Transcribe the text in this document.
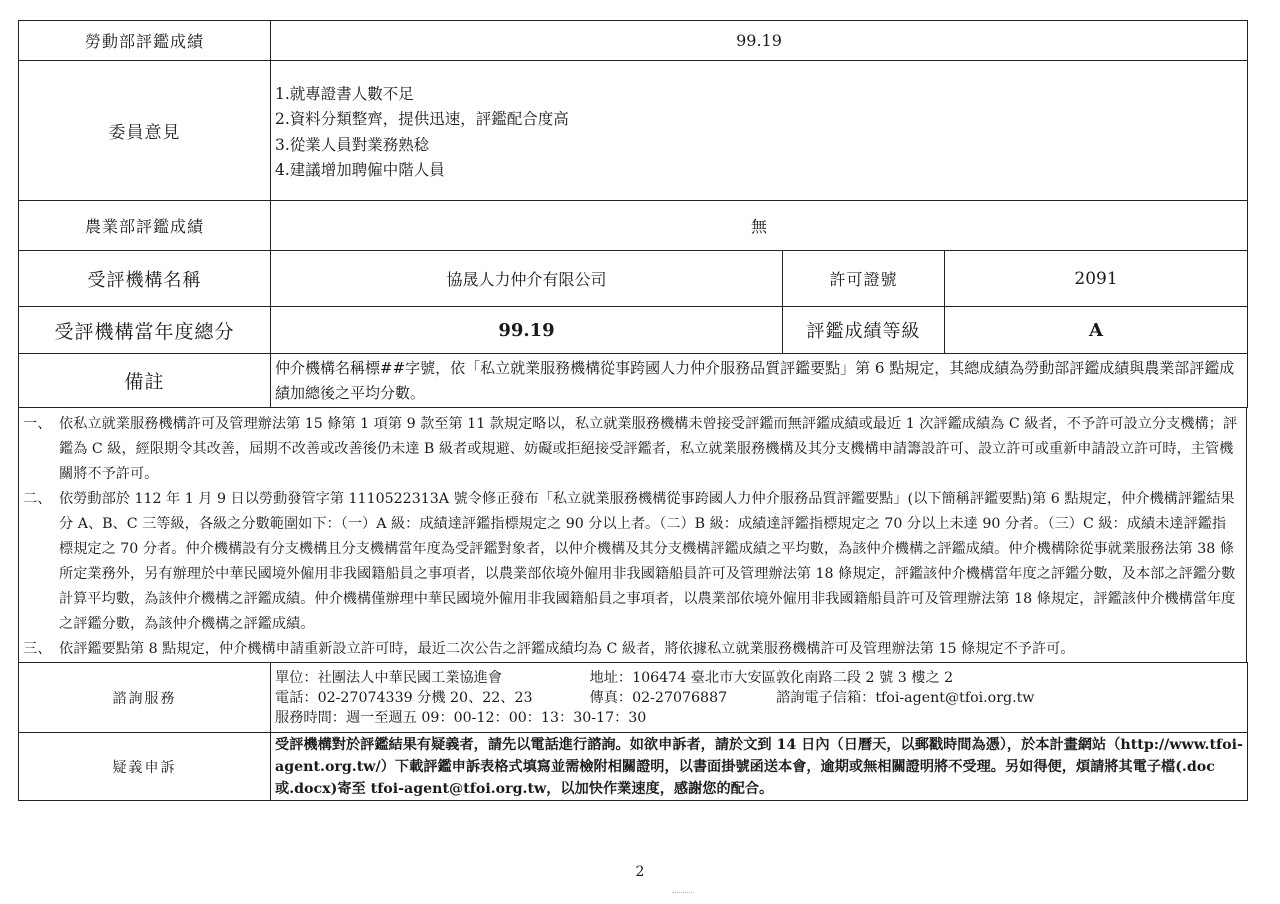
勞動部評鑑成績	99.19		
委員意見	1.就專證書人數不足
2.資料分類整齊，提供迅速，評鑑配合度高
3.從業人員對業務熟稔
4.建議增加聘僱中階人員		

農業部評鑑成績	無		
受評機構名稱	協晟人力仲介有限公司	許可證號	2091
受評機構當年度總分	99.19	評鑑成績等級	A
備註	仲介機構名稱標##字號，依「私立就業服務機構從事跨國人力仲介服務品質評鑑要點」第 6 點規定，其總成績為勞動部評鑑成績與農業部評鑑成績加總後之平均分數。		
一、 依私立就業服務機構許可及管理辦法第 15 條第 1 項第 9 款至第 11 款規定略以，私立就業服務機構未曾接受評鑑而無評鑑成績或最近 1 次評鑑成績為 C 級者，不予許可設立分支機構；評鑑為 C 級，經限期令其改善，屆期不改善或改善後仍未達 B 級者或規避、妨礙或拒絕接受評鑑者，私立就業服務機構及其分支機構申請籌設許可、設立許可或重新申請設立許可時，主管機關將不予許可。
二、 依勞動部於 112 年 1 月 9 日以勞動發管字第 1110522313A 號令修正發布「私立就業服務機構從事跨國人力仲介服務品質評鑑要點」(以下簡稱評鑑要點)第 6 點規定，仲介機構評鑑結果分 A、B、C 三等級，各級之分數範圍如下：（一）A 級：成績達評鑑指標規定之 90 分以上者。（二）B 級：成績達評鑑指標規定之 70 分以上未達 90 分者。（三）C 級：成績未達評鑑指標規定之 70 分者。仲介機構設有分支機構且分支機構當年度為受評鑑對象者，以仲介機構及其分支機構評鑑成績之平均數，為該仲介機構之評鑑成績。仲介機構除從事就業服務法第 38 條所定業務外，另有辦理於中華民國境外僱用非我國籍船員之事項者，以農業部依境外僱用非我國籍船員許可及管理辦法第 18 條規定，評鑑該仲介機構當年度之評鑑分數，及本部之評鑑分數計算平均數，為該仲介機構之評鑑成績。仲介機構僅辦理中華民國境外僱用非我國籍船員之事項者，以農業部依境外僱用非我國籍船員許可及管理辦法第 18 條規定，評鑑該仲介機構當年度之評鑑分數，為該仲介機構之評鑑成績。
三、 依評鑑要點第 8 點規定，仲介機構申請重新設立許可時，最近二次公告之評鑑成績均為 C 級者，將依據私立就業服務機構許可及管理辦法第 15 條規定不予許可。
諮詢服務	單位：社團法人中華民國工業協進會 地址：106474 臺北市大安區敦化南路二段 2 號 3 樓之 2
電話：02-27074339 分機 20、22、23 傳真：02-27076887 諮詢電子信箱：tfoi-agent@tfoi.org.tw
服務時間：週一至週五 09：00-12：00：13：30-17：30

疑義申訴	受評機構對於評鑑結果有疑義者，請先以電話進行諮詢。如欲申訴者，請於文到 14 日內（日曆天，以郵戳時間為憑），於本計畫網站（http://www.tfoi-agent.org.tw/）下載評鑑申訴表格式填寫並需檢附相關證明，以書面掛號函送本會，逾期或無相關證明將不受理。另如得便，煩請將其電子檔(.doc 或.docx)寄至 tfoi-agent@tfoi.org.tw，以加快作業速度，感謝您的配合。
2
